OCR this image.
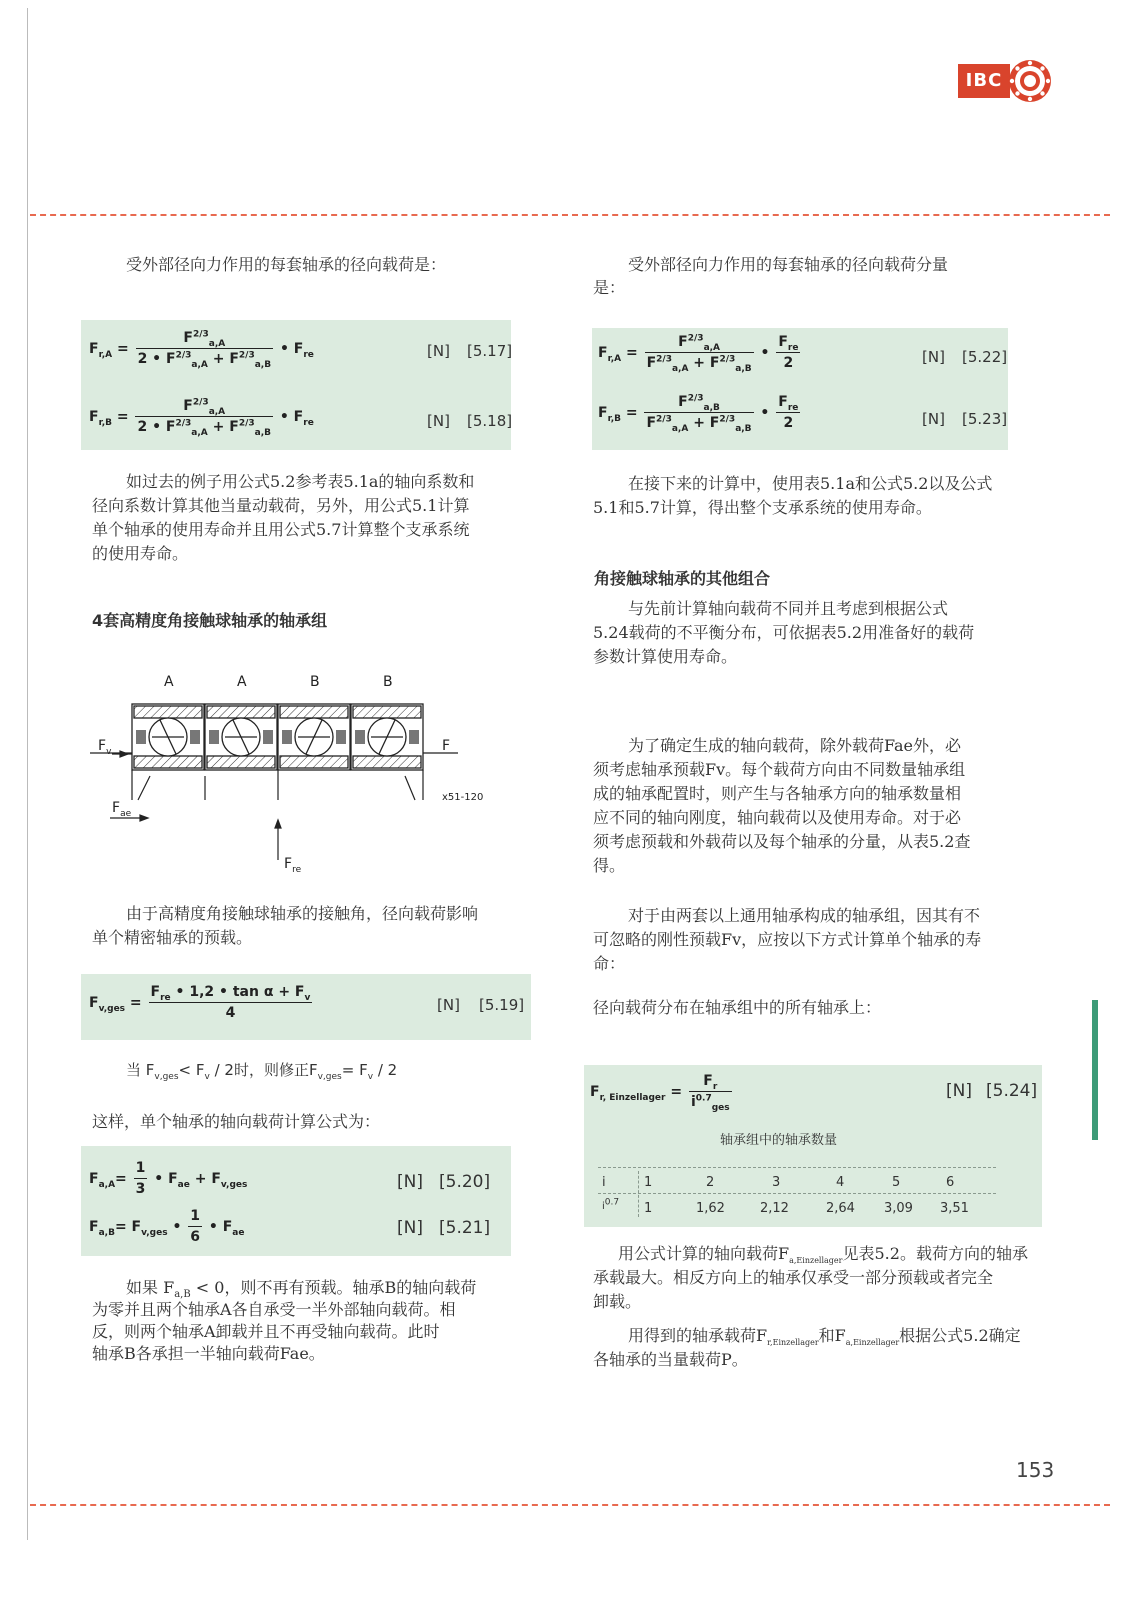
IBC
受外部径向力作用的每套轴承的径向载荷是：
$F_{r,A} = \frac{F^{2/3}_{a,A}}{2 • F^{2/3}_{a,A} + F^{2/3}_{a,B}}$ • $F_{re}$	[N] [5.17]
$F_{r,B} = \frac{F^{2/3}_{a,A}}{2 • F^{2/3}_{a,A} + F^{2/3}_{a,B}}$ • $F_{re}$	[N] [5.18]
如过去的例子用公式5.2参考表5.1a的轴向系数和
径向系数计算其他当量动载荷，另外，用公式5.1计算
单个轴承的使用寿命并且用公式5.7计算整个支承系统
的使用寿命。
4套高精度角接触球轴承的轴承组
A	A	B	B
$F_v$	F
$F_{ae}$
$F_{re}$
x51-120
由于高精度角接触球轴承的接触角，径向载荷影响
单个精密轴承的预载。
$F_{v,ges} = \frac{F_{re} • 1,2 • \tan \alpha + F_v}{4}$	[N] [5.19]
当 $F_{v,ges}< F_v / 2$时，则修正$F_{v,ges}= F_v / 2$
这样，单个轴承的轴向载荷计算公式为：
$F_{a,A}= \frac{1}{3}$ • $F_{ae} + F_{v,ges}$	[N] [5.20]
$F_{a,B}= F_{v,ges}$ • $\frac{1}{6}$ • $F_{ae}$	[N] [5.21]
如果 $F_{a,B} < 0$，则不再有预载。轴承B的轴向载荷
为零并且两个轴承A各自承受一半外部轴向载荷。相
反，则两个轴承A卸载并且不再受轴向载荷。此时
轴承B各承担一半轴向载荷Fae。
受外部径向力作用的每套轴承的径向载荷分量
是：
$F_{r,A} = \frac{F^{2/3}_{a,A}}{F^{2/3}_{a,A} + F^{2/3}_{a,B}}$ • $\frac{F_{re}}{2}$	[N] [5.22]
$F_{r,B} = \frac{F^{2/3}_{a,B}}{F^{2/3}_{a,A} + F^{2/3}_{a,B}}$ • $\frac{F_{re}}{2}$	[N] [5.23]
在接下来的计算中，使用表5.1a和公式5.2以及公式
5.1和5.7计算，得出整个支承系统的使用寿命。
角接触球轴承的其他组合
与先前计算轴向载荷不同并且考虑到根据公式
5.24载荷的不平衡分布，可依据表5.2用准备好的载荷
参数计算使用寿命。
为了确定生成的轴向载荷，除外载荷Fae外，必
须考虑轴承预载Fv。每个载荷方向由不同数量轴承组
成的轴承配置时，则产生与各轴承方向的轴承数量相
应不同的轴向刚度，轴向载荷以及使用寿命。对于必
须考虑预载和外载荷以及每个轴承的分量，从表5.2查
得。
对于由两套以上通用轴承构成的轴承组，因其有不
可忽略的刚性预载Fv，应按以下方式计算单个轴承的寿
命：
径向载荷分布在轴承组中的所有轴承上：
$F_{r, Einzellager} = \frac{F_r}{i^{0.7}_{ges}}$	[N] [5.24]
轴承组中的轴承数量
i	1	2	3	4	5	6
$i^{0.7}$ 1	1,62	2,12	2,64 3,09 3,51
用公式计算的轴向载荷$F_{a,Einzellager}$见表5.2。载荷方向的轴承
承载最大。相反方向上的轴承仅承受一部分预载或者完全
卸载。
用得到的轴承载荷$F_{r,Einzellager}$和$F_{a,Einzellager}$根据公式5.2确定
各轴承的当量载荷P。
153
